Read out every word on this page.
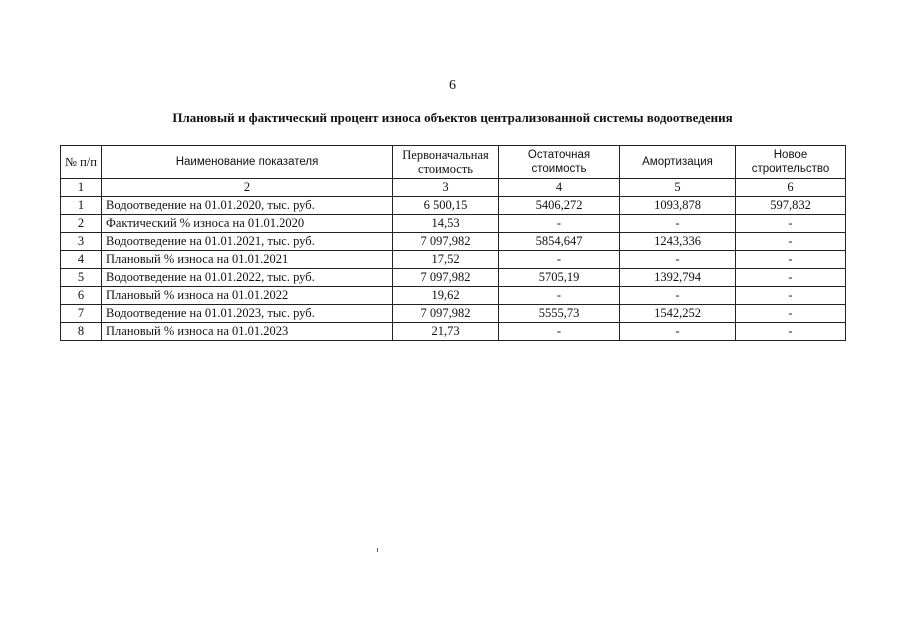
6
Плановый и фактический процент износа объектов централизованной системы водоотведения
№ п/п	Наименование показателя	Первоначальная стоимость	Остаточная стоимость	Амортизация	Новое строительство
1	2	3	4	5	6
1	Водоотведение на 01.01.2020, тыс. руб.	6 500,15	5406,272	1093,878	597,832
2	Фактический % износа на 01.01.2020	14,53	-	-	-
3	Водоотведение на 01.01.2021, тыс. руб.	7 097,982	5854,647	1243,336	-
4	Плановый % износа на 01.01.2021	17,52	-	-	-
5	Водоотведение на 01.01.2022, тыс. руб.	7 097,982	5705,19	1392,794	-
6	Плановый % износа на 01.01.2022	19,62	-	-	-
7	Водоотведение на 01.01.2023, тыс. руб.	7 097,982	5555,73	1542,252	-
8	Плановый % износа на 01.01.2023	21,73	-	-	-
